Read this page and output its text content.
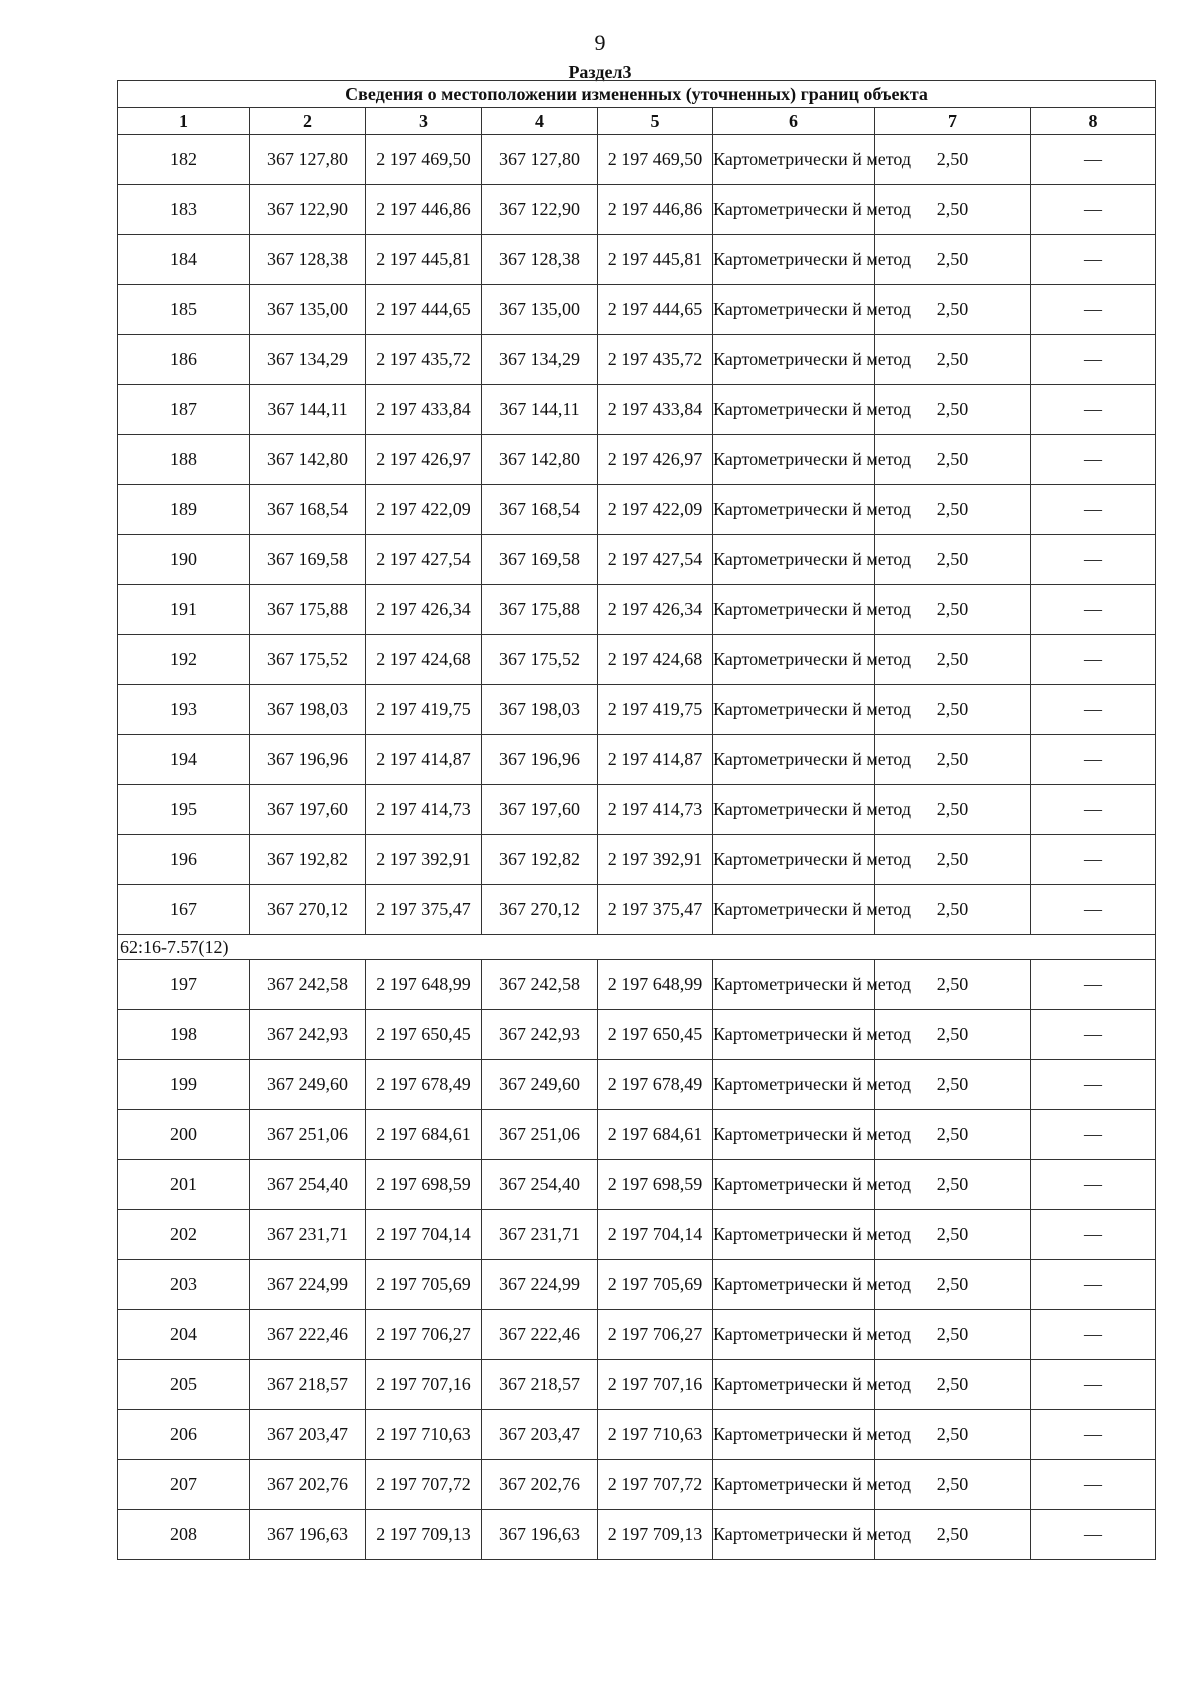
9
Раздел3
Сведения о местоположении измененных (уточненных) границ объекта							
1	2	3	4	5	6	7	8
182	367 127,80	2 197 469,50	367 127,80	2 197 469,50	Картометрически й метод	2,50	—
183	367 122,90	2 197 446,86	367 122,90	2 197 446,86	Картометрически й метод	2,50	—
184	367 128,38	2 197 445,81	367 128,38	2 197 445,81	Картометрически й метод	2,50	—
185	367 135,00	2 197 444,65	367 135,00	2 197 444,65	Картометрически й метод	2,50	—
186	367 134,29	2 197 435,72	367 134,29	2 197 435,72	Картометрически й метод	2,50	—
187	367 144,11	2 197 433,84	367 144,11	2 197 433,84	Картометрически й метод	2,50	—
188	367 142,80	2 197 426,97	367 142,80	2 197 426,97	Картометрически й метод	2,50	—
189	367 168,54	2 197 422,09	367 168,54	2 197 422,09	Картометрически й метод	2,50	—
190	367 169,58	2 197 427,54	367 169,58	2 197 427,54	Картометрически й метод	2,50	—
191	367 175,88	2 197 426,34	367 175,88	2 197 426,34	Картометрически й метод	2,50	—
192	367 175,52	2 197 424,68	367 175,52	2 197 424,68	Картометрически й метод	2,50	—
193	367 198,03	2 197 419,75	367 198,03	2 197 419,75	Картометрически й метод	2,50	—
194	367 196,96	2 197 414,87	367 196,96	2 197 414,87	Картометрически й метод	2,50	—
195	367 197,60	2 197 414,73	367 197,60	2 197 414,73	Картометрически й метод	2,50	—
196	367 192,82	2 197 392,91	367 192,82	2 197 392,91	Картометрически й метод	2,50	—
167	367 270,12	2 197 375,47	367 270,12	2 197 375,47	Картометрически й метод	2,50	—
62:16-7.57(12)							
197	367 242,58	2 197 648,99	367 242,58	2 197 648,99	Картометрически й метод	2,50	—
198	367 242,93	2 197 650,45	367 242,93	2 197 650,45	Картометрически й метод	2,50	—
199	367 249,60	2 197 678,49	367 249,60	2 197 678,49	Картометрически й метод	2,50	—
200	367 251,06	2 197 684,61	367 251,06	2 197 684,61	Картометрически й метод	2,50	—
201	367 254,40	2 197 698,59	367 254,40	2 197 698,59	Картометрически й метод	2,50	—
202	367 231,71	2 197 704,14	367 231,71	2 197 704,14	Картометрически й метод	2,50	—
203	367 224,99	2 197 705,69	367 224,99	2 197 705,69	Картометрически й метод	2,50	—
204	367 222,46	2 197 706,27	367 222,46	2 197 706,27	Картометрически й метод	2,50	—
205	367 218,57	2 197 707,16	367 218,57	2 197 707,16	Картометрически й метод	2,50	—
206	367 203,47	2 197 710,63	367 203,47	2 197 710,63	Картометрически й метод	2,50	—
207	367 202,76	2 197 707,72	367 202,76	2 197 707,72	Картометрически й метод	2,50	—
208	367 196,63	2 197 709,13	367 196,63	2 197 709,13	Картометрически й метод	2,50	—
